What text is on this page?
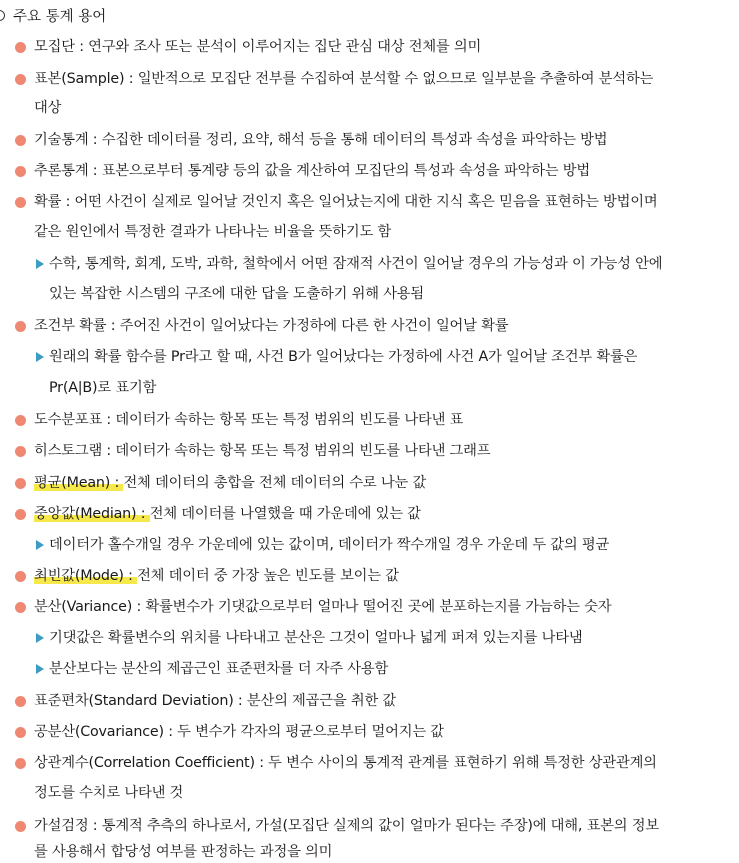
주요 통계 용어
모집단 : 연구와 조사 또는 분석이 이루어지는 집단 관심 대상 전체를 의미
표본(Sample) : 일반적으로 모집단 전부를 수집하여 분석할 수 없으므로 일부분을 추출하여 분석하는
대상
기술통계 : 수집한 데이터를 정리, 요약, 해석 등을 통해 데이터의 특성과 속성을 파악하는 방법
추론통계 : 표본으로부터 통계량 등의 값을 계산하여 모집단의 특성과 속성을 파악하는 방법
확률 : 어떤 사건이 실제로 일어날 것인지 혹은 일어났는지에 대한 지식 혹은 믿음을 표현하는 방법이며
같은 원인에서 특정한 결과가 나타나는 비율을 뜻하기도 함
수학, 통계학, 회계, 도박, 과학, 철학에서 어떤 잠재적 사건이 일어날 경우의 가능성과 이 가능성 안에
있는 복잡한 시스템의 구조에 대한 답을 도출하기 위해 사용됨
조건부 확률 : 주어진 사건이 일어났다는 가정하에 다른 한 사건이 일어날 확률
원래의 확률 함수를 Pr라고 할 때, 사건 B가 일어났다는 가정하에 사건 A가 일어날 조건부 확률은
Pr(A|B)로 표기함
도수분포표 : 데이터가 속하는 항목 또는 특정 범위의 빈도를 나타낸 표
히스토그램 : 데이터가 속하는 항목 또는 특정 범위의 빈도를 나타낸 그래프
평균(Mean) : 전체 데이터의 총합을 전체 데이터의 수로 나눈 값
중앙값(Median) : 전체 데이터를 나열했을 때 가운데에 있는 값
데이터가 홀수개일 경우 가운데에 있는 값이며, 데이터가 짝수개일 경우 가운데 두 값의 평균
최빈값(Mode) : 전체 데이터 중 가장 높은 빈도를 보이는 값
분산(Variance) : 확률변수가 기댓값으로부터 얼마나 떨어진 곳에 분포하는지를 가늠하는 숫자
기댓값은 확률변수의 위치를 나타내고 분산은 그것이 얼마나 넓게 퍼져 있는지를 나타냄
분산보다는 분산의 제곱근인 표준편차를 더 자주 사용함
표준편차(Standard Deviation) : 분산의 제곱근을 취한 값
공분산(Covariance) : 두 변수가 각자의 평균으로부터 멀어지는 값
상관계수(Correlation Coefficient) : 두 변수 사이의 통계적 관계를 표현하기 위해 특정한 상관관계의
정도를 수치로 나타낸 것
가설검정 : 통계적 추측의 하나로서, 가설(모집단 실제의 값이 얼마가 된다는 주장)에 대해, 표본의 정보
를 사용해서 합당성 여부를 판정하는 과정을 의미
